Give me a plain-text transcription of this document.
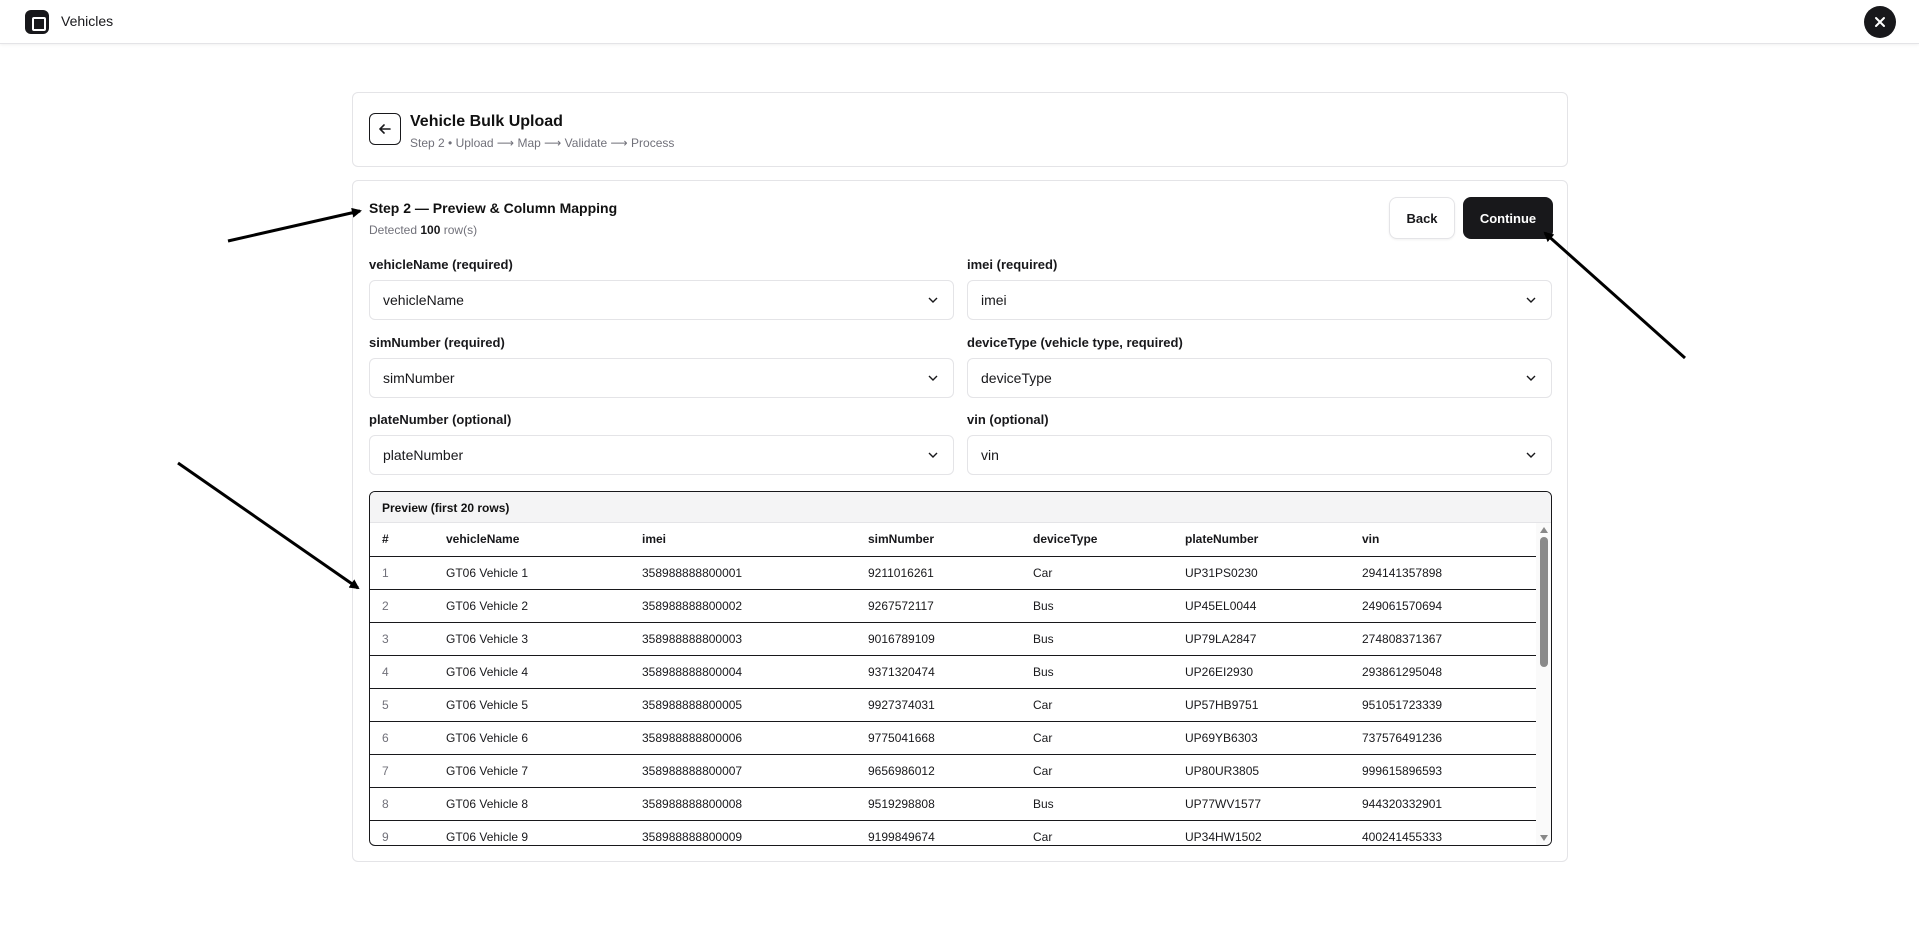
Vehicles
Vehicle Bulk Upload
Step 2 • Upload ⟶ Map ⟶ Validate ⟶ Process
Step 2 — Preview & Column Mapping
Detected 100 row(s)
Back	Continue
vehicleName (required)
vehicleName
imei (required)
imei
simNumber (required)
simNumber
deviceType (vehicle type, required)
deviceType
plateNumber (optional)
plateNumber
vin (optional)
vin
Preview (first 20 rows)
#	vehicleName	imei	simNumber	deviceType	plateNumber	vin
1	GT06 Vehicle 1	358988888800001	9211016261	Car	UP31PS0230	294141357898
2	GT06 Vehicle 2	358988888800002	9267572117	Bus	UP45EL0044	249061570694
3	GT06 Vehicle 3	358988888800003	9016789109	Bus	UP79LA2847	274808371367
4	GT06 Vehicle 4	358988888800004	9371320474	Bus	UP26EI2930	293861295048
5	GT06 Vehicle 5	358988888800005	9927374031	Car	UP57HB9751	951051723339
6	GT06 Vehicle 6	358988888800006	9775041668	Car	UP69YB6303	737576491236
7	GT06 Vehicle 7	358988888800007	9656986012	Car	UP80UR3805	999615896593
8	GT06 Vehicle 8	358988888800008	9519298808	Bus	UP77WV1577	944320332901
9	GT06 Vehicle 9	358988888800009	9199849674	Car	UP34HW1502	400241455333
